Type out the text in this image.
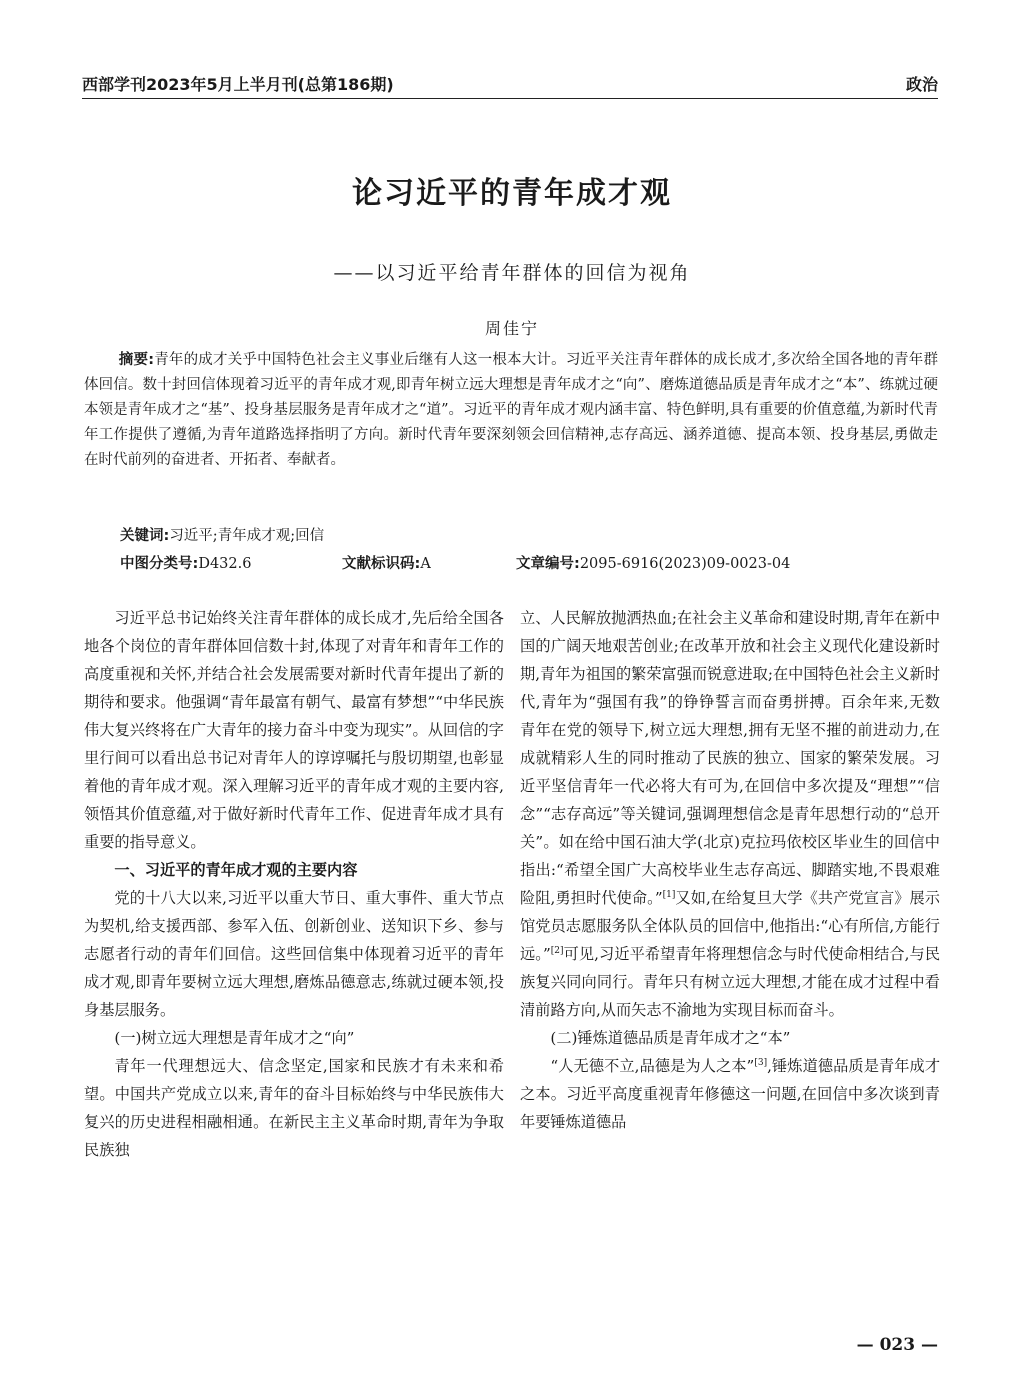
西部学刊2023年5月上半月刊(总第186期)	政治
论习近平的青年成才观
——以习近平给青年群体的回信为视角
周佳宁
摘要:青年的成才关乎中国特色社会主义事业后继有人这一根本大计。习近平关注青年群体的成长成才,多次给全国各地的青年群体回信。数十封回信体现着习近平的青年成才观,即青年树立远大理想是青年成才之“向”、磨炼道德品质是青年成才之“本”、练就过硬本领是青年成才之“基”、投身基层服务是青年成才之“道”。习近平的青年成才观内涵丰富、特色鲜明,具有重要的价值意蕴,为新时代青年工作提供了遵循,为青年道路选择指明了方向。新时代青年要深刻领会回信精神,志存高远、涵养道德、提高本领、投身基层,勇做走在时代前列的奋进者、开拓者、奉献者。
关键词:习近平;青年成才观;回信
中图分类号:D432.6	文献标识码:A	文章编号:2095-6916(2023)09-0023-04

习近平总书记始终关注青年群体的成长成才,先后给全国各地各个岗位的青年群体回信数十封,体现了对青年和青年工作的高度重视和关怀,并结合社会发展需要对新时代青年提出了新的期待和要求。他强调“青年最富有朝气、最富有梦想”“中华民族伟大复兴终将在广大青年的接力奋斗中变为现实”。从回信的字里行间可以看出总书记对青年人的谆谆嘱托与殷切期望,也彰显着他的青年成才观。深入理解习近平的青年成才观的主要内容,领悟其价值意蕴,对于做好新时代青年工作、促进青年成才具有重要的指导意义。

一、习近平的青年成才观的主要内容

党的十八大以来,习近平以重大节日、重大事件、重大节点为契机,给支援西部、参军入伍、创新创业、送知识下乡、参与志愿者行动的青年们回信。这些回信集中体现着习近平的青年成才观,即青年要树立远大理想,磨炼品德意志,练就过硬本领,投身基层服务。

(一)树立远大理想是青年成才之“向”

青年一代理想远大、信念坚定,国家和民族才有未来和希望。中国共产党成立以来,青年的奋斗目标始终与中华民族伟大复兴的历史进程相融相通。在新民主主义革命时期,青年为争取民族独

立、人民解放抛洒热血;在社会主义革命和建设时期,青年在新中国的广阔天地艰苦创业;在改革开放和社会主义现代化建设新时期,青年为祖国的繁荣富强而锐意进取;在中国特色社会主义新时代,青年为“强国有我”的铮铮誓言而奋勇拼搏。百余年来,无数青年在党的领导下,树立远大理想,拥有无坚不摧的前进动力,在成就精彩人生的同时推动了民族的独立、国家的繁荣发展。习近平坚信青年一代必将大有可为,在回信中多次提及“理想”“信念”“志存高远”等关键词,强调理想信念是青年思想行动的“总开关”。如在给中国石油大学(北京)克拉玛依校区毕业生的回信中指出:“希望全国广大高校毕业生志存高远、脚踏实地,不畏艰难险阻,勇担时代使命。”[1]又如,在给复旦大学《共产党宣言》展示馆党员志愿服务队全体队员的回信中,他指出:“心有所信,方能行远。”[2]可见,习近平希望青年将理想信念与时代使命相结合,与民族复兴同向同行。青年只有树立远大理想,才能在成才过程中看清前路方向,从而矢志不渝地为实现目标而奋斗。

(二)锤炼道德品质是青年成才之“本”

“人无德不立,品德是为人之本”[3],锤炼道德品质是青年成才之本。习近平高度重视青年修德这一问题,在回信中多次谈到青年要锤炼道德品

— 023 —
